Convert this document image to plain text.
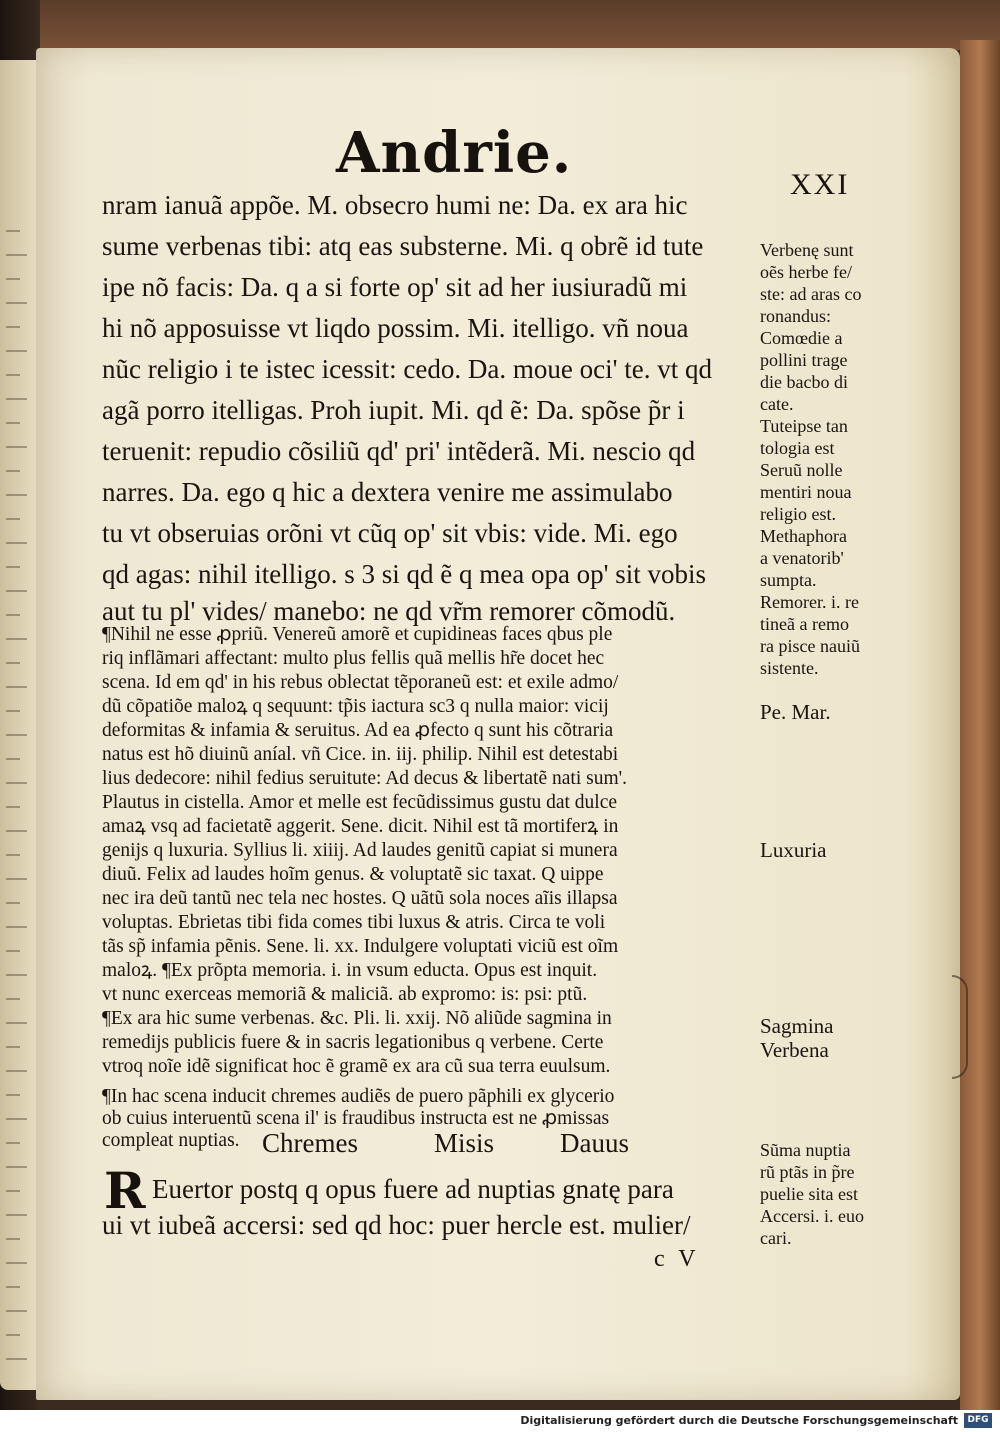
Andrie.	XXI
nram ianuã appõe. M. obsecro humi ne: Da. ex ara hic
sume verbenas tibi: atq eas substerne. Mi. q obrẽ id tute
ipe nõ facis: Da. q a si forte op' sit ad her iusiuradũ mi
hi nõ apposuisse vt liqdo possim. Mi. itelligo. vñ noua
nũc religio i te istec icessit: cedo. Da. moue oci' te. vt qd
agã porro itelligas. Proh iupit. Mi. qd ẽ: Da. spõse p̃r i
teruenit: repudio cõsiliũ qd' pri' intẽderã. Mi. nescio qd
narres. Da. ego q hic a dextera venire me assimulabo
tu vt obseruias orõni vt cũq op' sit vbis: vide. Mi. ego
qd agas: nihil itelligo. s 3 si qd ẽ q mea opa op' sit vobis
aut tu pl' vides/ manebo: ne qd vr̃m remorer cõmodũ.
¶Nihil ne esse ꝓpriũ. Venereũ amorẽ et cupidineas faces qbus ple
riq inflãmari affectant: multo plus fellis quã mellis hr̃e docet hec
scena. Id em qd' in his rebus oblectat tẽporaneũ est: et exile admo/
dũ cõpatiõe maloꝝ q sequunt: tp̃is iactura sc3 q nulla maior: vicij
deformitas & infamia & seruitus. Ad ea ꝓfecto q sunt his cõtraria
natus est hõ diuinũ aníal. vñ Cice. in. iij. philip. Nihil est detestabi
lius dedecore: nihil fedius seruitute: Ad decus & libertatẽ nati sum'.
Plautus in cistella. Amor et melle est fecũdissimus gustu dat dulce
amaꝝ vsq ad facietatẽ aggerit. Sene. dicit. Nihil est tã mortiferꝝ in
genijs q luxuria. Syllius li. xiiij. Ad laudes genitũ capiat si munera
diuũ. Felix ad laudes hoĩm genus. & voluptatẽ sic taxat. Q uippe
nec ira deũ tantũ nec tela nec hostes. Q uãtũ sola noces aĩis illapsa
voluptas. Ebrietas tibi fida comes tibi luxus & atris. Circa te voli
tãs sp̃ infamia pẽnis. Sene. li. xx. Indulgere voluptati viciũ est oĩm
maloꝝ. ¶Ex prõpta memoria. i. in vsum educta. Opus est inquit.
vt nunc exerceas memoriã & maliciã. ab expromo: is: psi: ptũ.
¶Ex ara hic sume verbenas. &c. Pli. li. xxij. Nõ aliũde sagmina in
remedijs publicis fuere & in sacris legationibus q verbene. Certe
vtroq noĩe idẽ significat hoc ẽ gramẽ ex ara cũ sua terra euulsum.
¶In hac scena inducit chremes audiẽs de puero pãphili ex glycerio
ob cuius interuentũ scena il' is fraudibus instructa est ne ꝓmissas
compleat nuptias. Chremes	Misis Dauus
R Euertor postq q opus fuere ad nuptias gnatę para
ui vt iubeã accersi: sed qd hoc: puer hercle est. mulier/
c V
Verbenę sunt
oẽs herbe fe/
ste: ad aras co
ronandus:
Comœdie a
pollini trage
die bacbo di
cate.
Tuteipse tan
tologia est
Seruũ nolle
mentiri noua
religio est.
Methaphora
a venatorib'
sumpta.
Remorer. i. re
tineã a remo
ra pisce nauiũ
sistente.
Pe. Mar.
Luxuria
Sagmina
Verbena
Sũma nuptia
rũ ptãs in p̃re
puelie sita est
Accersi. i. euo
cari.
Digitalisierung gefördert durch die Deutsche Forschungsgemeinschaft	DFG
